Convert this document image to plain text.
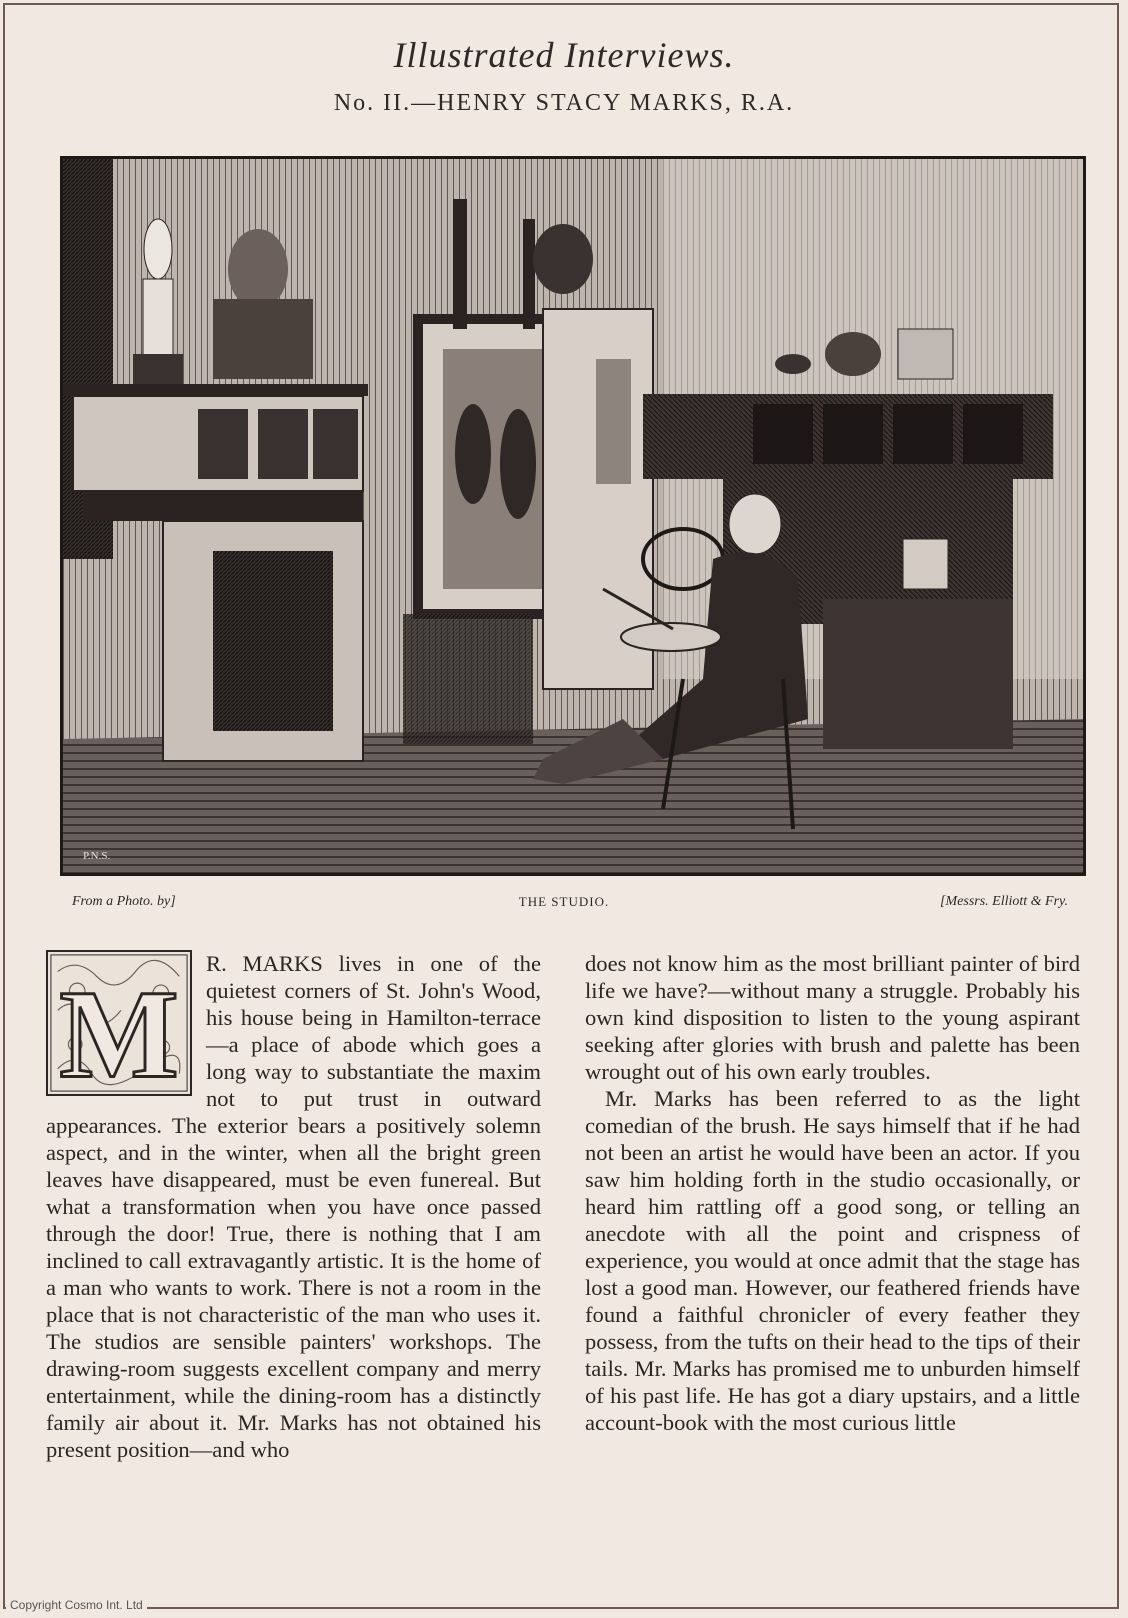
Illustrated Interviews.
No. II.—HENRY STACY MARKS, R.A.
P.N.S.
From a Photo. by]	THE STUDIO.	[Messrs. Elliott & Fry.
M
R. MARKS lives in one of the quietest corners of St. John's Wood, his house being in Hamilton-terrace—a place of abode which goes a long way to substantiate the maxim not to put trust in outward appearances. The exterior bears a positively solemn aspect, and in the winter, when all the bright green leaves have disappeared, must be even funereal. But what a transformation when you have once passed through the door! True, there is nothing that I am inclined to call extravagantly artistic. It is the home of a man who wants to work. There is not a room in the place that is not characteristic of the man who uses it. The studios are sensible painters' workshops. The drawing-room suggests excellent company and merry entertainment, while the dining-room has a distinctly family air about it. Mr. Marks has not obtained his present position—and who
does not know him as the most brilliant painter of bird life we have?—without many a struggle. Probably his own kind disposition to listen to the young aspirant seeking after glories with brush and palette has been wrought out of his own early troubles.
Mr. Marks has been referred to as the light comedian of the brush. He says himself that if he had not been an artist he would have been an actor. If you saw him holding forth in the studio occasionally, or heard him rattling off a good song, or telling an anecdote with all the point and crispness of experience, you would at once admit that the stage has lost a good man. However, our feathered friends have found a faithful chronicler of every feather they possess, from the tufts on their head to the tips of their tails. Mr. Marks has promised me to unburden himself of his past life. He has got a diary upstairs, and a little account-book with the most curious little
Copyright Cosmo Int. Ltd
